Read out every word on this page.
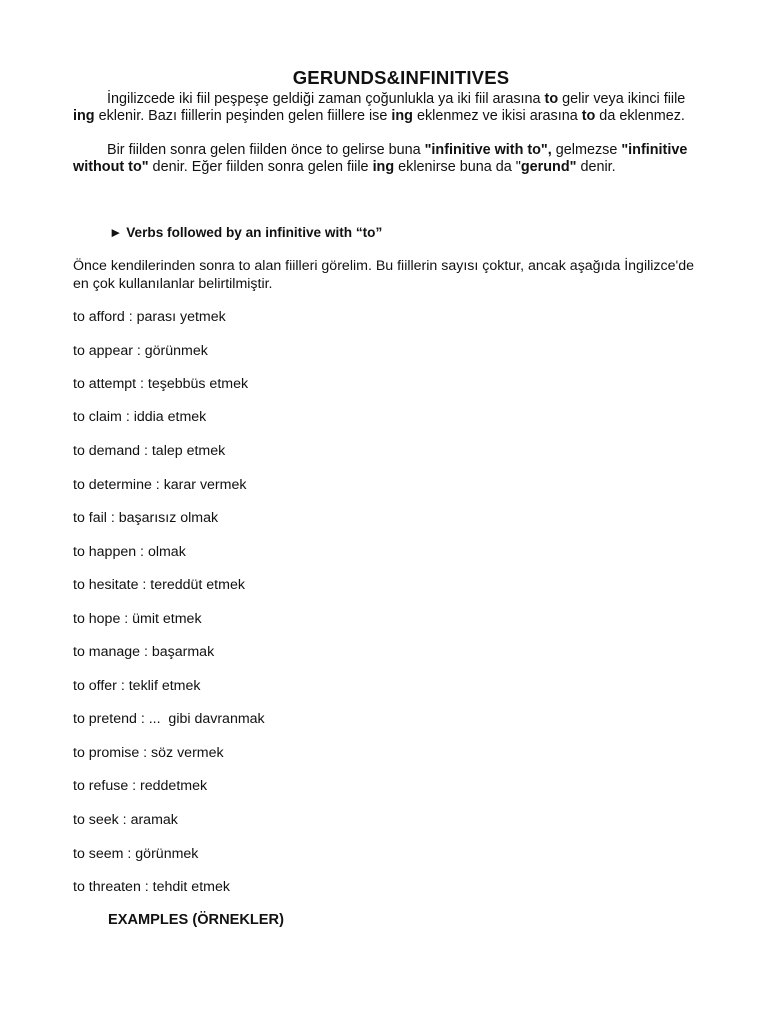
GERUNDS&INFINITIVES

İngilizcede iki fiil peşpeşe geldiği zaman çoğunlukla ya iki fiil arasına to gelir veya ikinci fiile ing eklenir. Bazı fiillerin peşinden gelen fiillere ise ing eklenmez ve ikisi arasına to da eklenmez.

Bir fiilden sonra gelen fiilden önce to gelirse buna "infinitive with to", gelmezse "infinitive without to" denir. Eğer fiilden sonra gelen fiile ing eklenirse buna da "gerund" denir.

► Verbs followed by an infinitive with “to”
Önce kendilerinden sonra to alan fiilleri görelim. Bu fiillerin sayısı çoktur, ancak aşağıda İngilizce'de en çok kullanılanlar belirtilmiştir.
to afford : parası yetmek
to appear : görünmek
to attempt : teşebbüs etmek
to claim : iddia etmek
to demand : talep etmek
to determine : karar vermek
to fail : başarısız olmak
to happen : olmak
to hesitate : tereddüt etmek
to hope : ümit etmek
to manage : başarmak
to offer : teklif etmek
to pretend : ...  gibi davranmak
to promise : söz vermek
to refuse : reddetmek
to seek : aramak
to seem : görünmek
to threaten : tehdit etmek
EXAMPLES (ÖRNEKLER)
